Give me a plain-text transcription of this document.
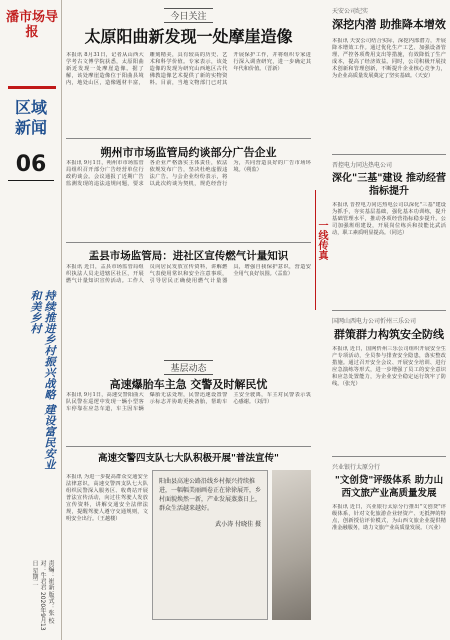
潘市场导报
区域新闻
06
持续推进乡村振兴战略 建设富民安业和美乡村
责编：崔新 版式：张 校对：牛君君 2020年9月13日 星期二
今日关注
太原阳曲新发现一处摩崖造像
本报讯 8月31日，记者从山西大学考古文博学院获悉，太原阳曲新近发现一处摩崖造像。据了解，该处摩崖造像位于阳曲县境内，地处山区，造像题材丰富，雕刻精美，具有较高的历史、艺术和科学价值。专家表示，该处造像的发现为研究山西地区古代佛教造像艺术提供了新的实物资料。目前，当地文物部门已对其开展保护工作，并将组织专家进行深入调查研究，进一步确定其年代和价值。（晋新）
朔州市市场监管局约谈部分广告企业
本报讯 9月1日，朔州市市场监管局组织召开部分广告经营单位行政约谈会。会议通报了近期广告监测发现的违法违规问题，要求各企业严格落实主体责任，依法依规发布广告，坚决杜绝虚假违法广告。与会企业纷纷表示，将以此次约谈为契机，规范经营行为，共同营造良好的广告市场环境。（朔监）
盂县市场监管局：进社区宣传燃气计量知识
本报讯 近日，盂县市场监管局组织执法人员走进辖区社区，开展燃气计量知识宣传活动。工作人员向居民发放宣传资料，讲解燃气表使用常识和安全注意事项，引导居民正确使用燃气计量器具，增强自我保护意识，营造安全用气良好氛围。（盂监）
基层动态
高速爆胎车主急 交警及时解民忧
本报讯 9月1日，高速交警阳曲大队民警在巡逻中发现一辆小型客车停靠在应急车道，车主因车辆爆胎无法处理，民警迅速设置警示标志并协助更换备胎，帮助车主安全驶离，车主对民警表示衷心感谢。（刘洋）
高速交警四支队七大队积极开展"普法宣传"
本报讯 为进一步提高群众交通安全法律意识，高速交警四支队七大队组织民警深入服务区、收费站开展普法宣传活动，向过往驾驶人发放宣传资料，讲解交通安全法律法规，提醒驾驶人遵守交通规则，文明安全出行。（王越楼）
阳曲县高速公路沿线乡村振兴持续推进，一幅幅美丽画卷正在徐徐展开，乡村面貌焕然一新，产业发展蒸蒸日上，群众生活越来越好。
武小涛 付晓佳 摄
一线传真
天安公司纪实
深挖内潜 助推降本增效
本报讯 天安公司结合实际，深挖内部潜力，开展降本增效工作。通过优化生产工艺、加强设备管理、严控各项费用支出等措施，有效降低了生产成本，提高了经济效益。同时，公司积极开展技术创新和管理创新，不断提升企业核心竞争力，为企业高质量发展奠定了坚实基础。（天安）
晋控电力同达热电公司
深化"三基"建设 推动经营指标提升
本报讯 晋控电力同达热电公司以深化"三基"建设为抓手，夯实基层基础，强化基本功训练，提升基础管理水平，推动各项经营指标稳步提升。公司加强班组建设，开展岗位练兵和技能比武活动，职工素质明显提高。（同达）
国网山西电力公司忻州三乐公司
群策群力构筑安全防线
本报讯 近日，国网忻州三乐公司组织开展安全生产专项活动，全员参与排查安全隐患，落实整改措施。通过召开安全会议、开展安全培训、进行应急演练等形式，进一步增强了员工的安全意识和应急处置能力，为企业安全稳定运行筑牢了防线。（张光）
兴业银行太原分行
"文创贷"评级体系 助力山西文旅产业高质量发展
本报讯 近日，兴业银行太原分行推出"文创贷"评级体系，针对文化旅游企业轻资产、无抵押的特点，创新授信评价模式，为山西文旅企业提供精准金融服务，助力文旅产业高质量发展。（兴业）
